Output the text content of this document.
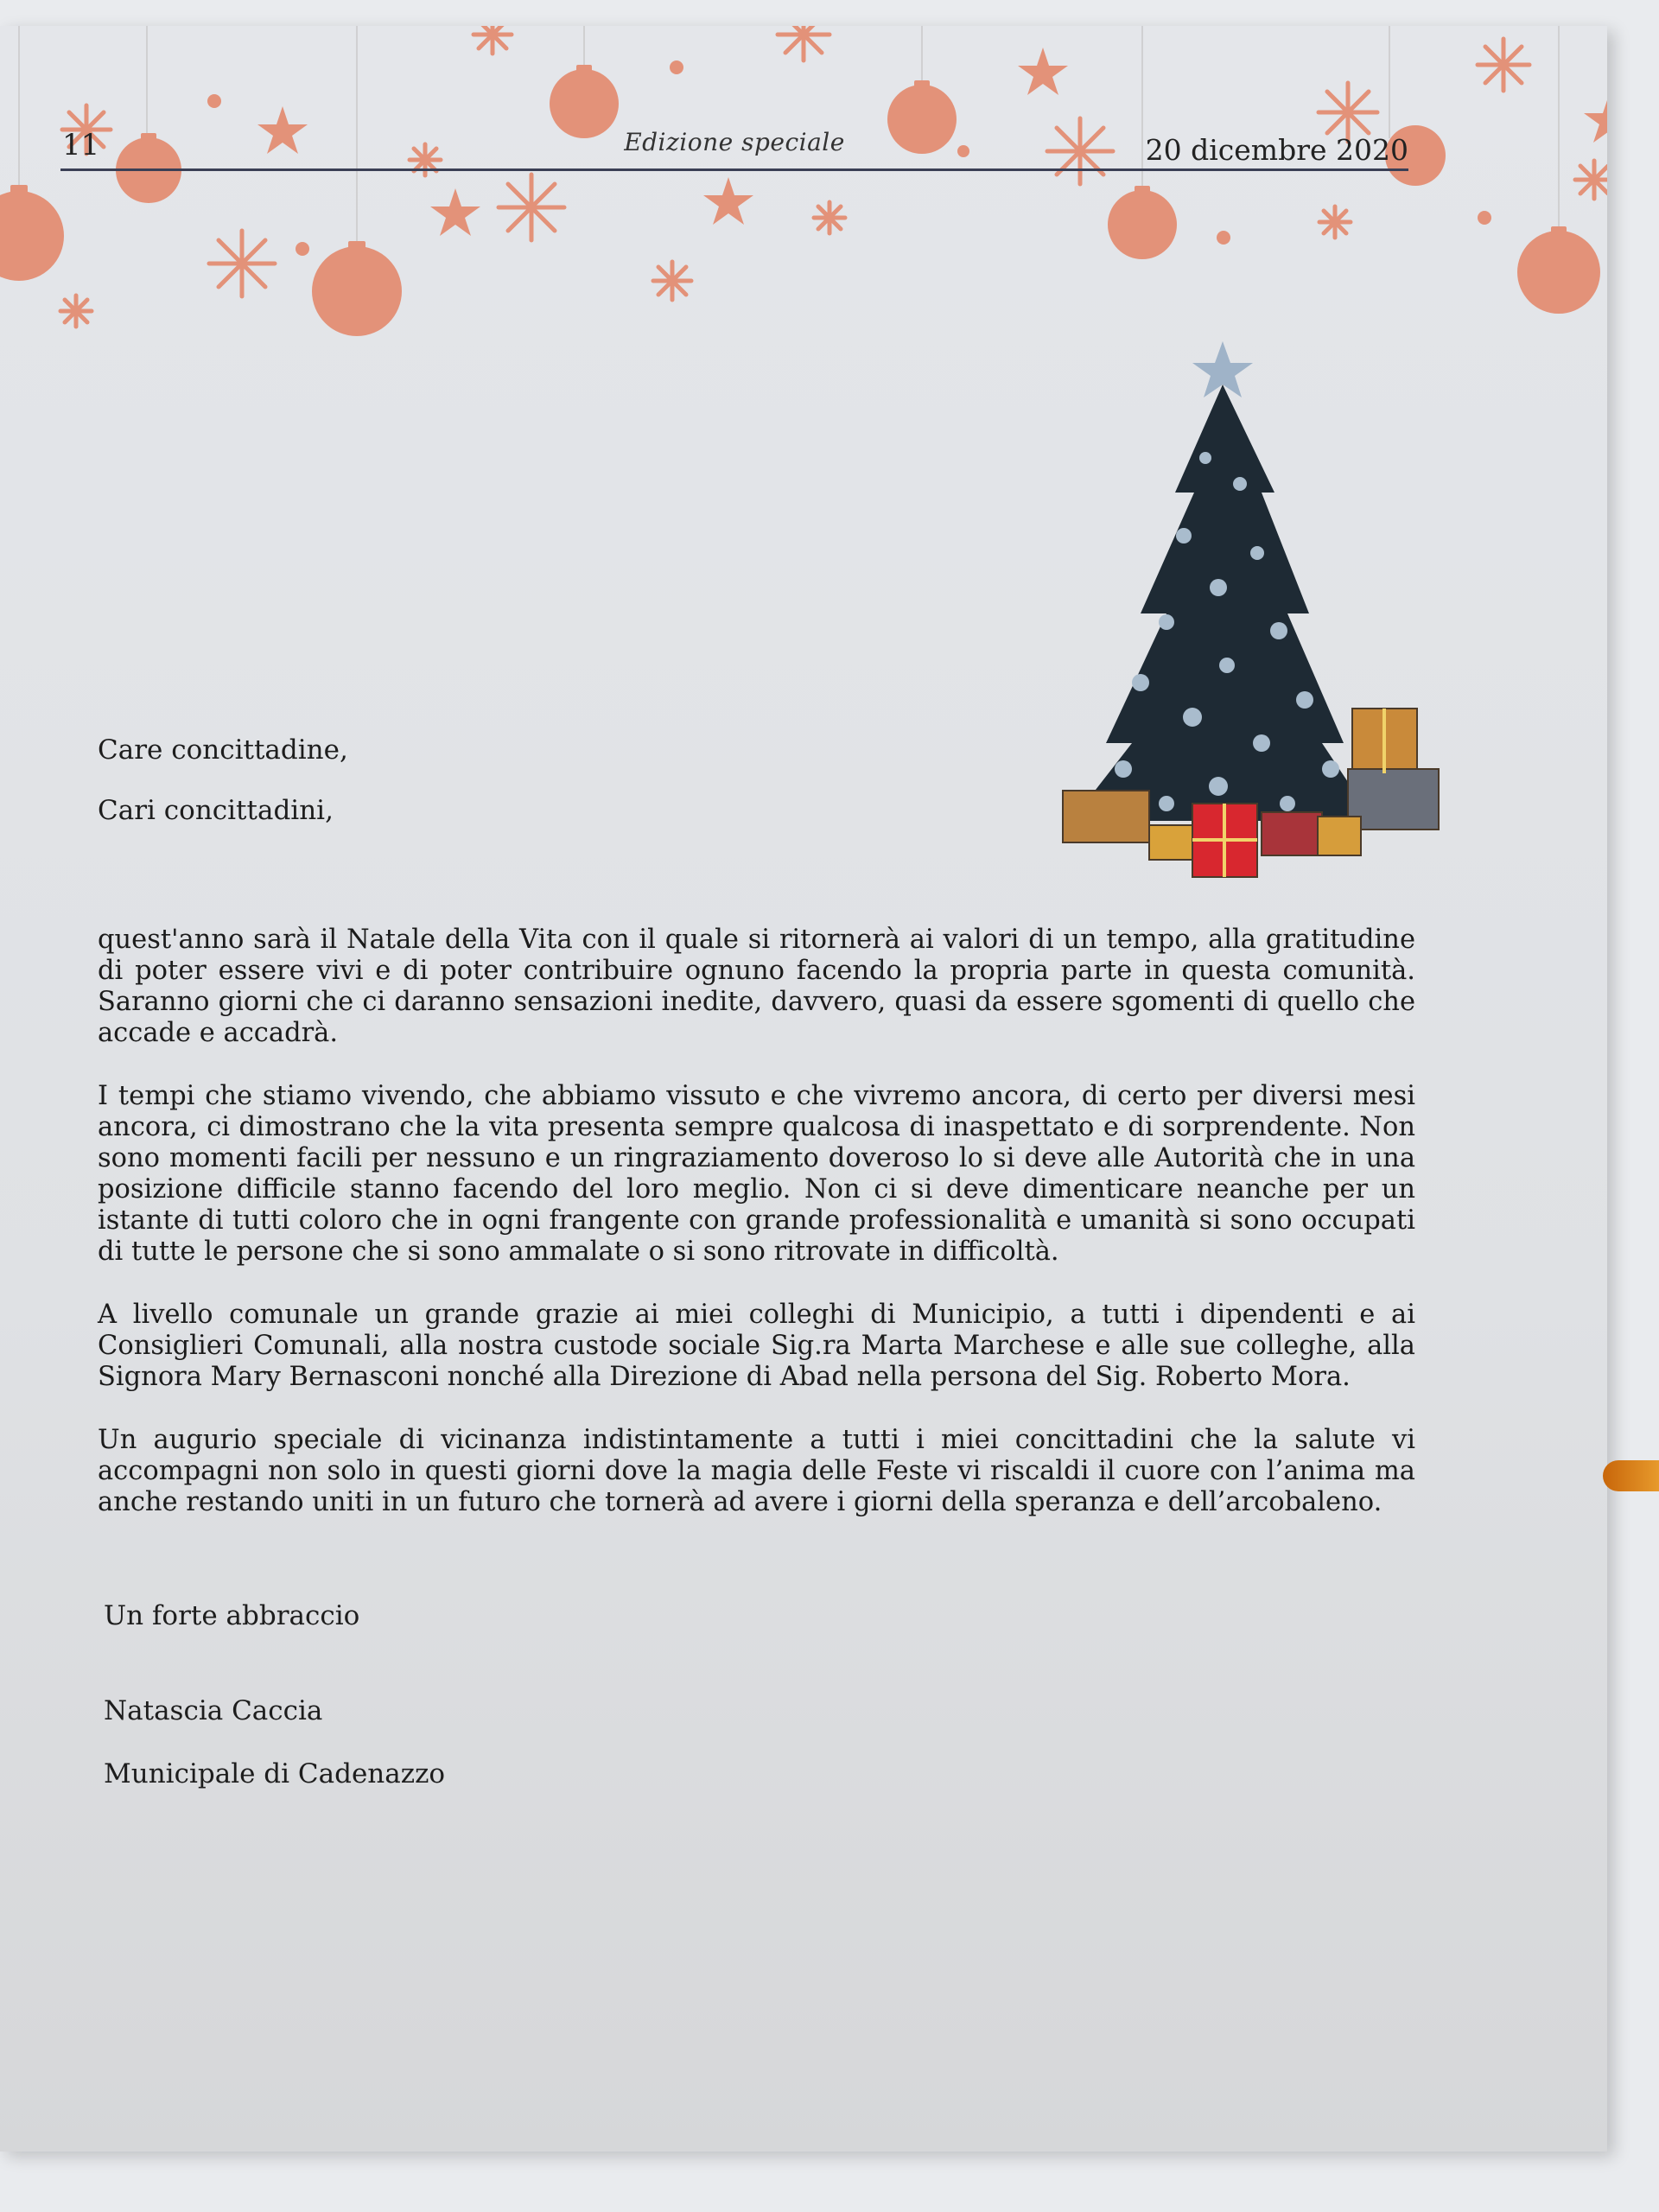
11	Edizione speciale	20 dicembre 2020
Care concittadine,
Cari concittadini,

quest'anno sarà il Natale della Vita con il quale si ritornerà ai valori di un tempo, alla gratitudine di poter essere vivi e di poter contribuire ognuno facendo la propria parte in questa comunità. Saranno giorni che ci daranno sensazioni inedite, davvero, quasi da essere sgomenti di quello che accade e accadrà.

I tempi che stiamo vivendo, che abbiamo vissuto e che vivremo ancora, di certo per diversi mesi ancora, ci dimostrano che la vita presenta sempre qualcosa di inaspettato e di sorprendente. Non sono momenti facili per nessuno e un ringraziamento doveroso lo si deve alle Autorità che in una posizione difficile stanno facendo del loro meglio. Non ci si deve dimenticare neanche per un istante di tutti coloro che in ogni frangente con grande professionalità e umanità si sono occupati di tutte le persone che si sono ammalate o si sono ritrovate in difficoltà.

A livello comunale un grande grazie ai miei colleghi di Municipio, a tutti i dipendenti e ai Consiglieri Comunali, alla nostra custode sociale Sig.ra Marta Marchese e alle sue colleghe, alla Signora Mary Bernasconi nonché alla Direzione di Abad nella persona del Sig. Roberto Mora.

Un augurio speciale di vicinanza indistintamente a tutti i miei concittadini che la salute vi accompagni non solo in questi giorni dove la magia delle Feste vi riscaldi il cuore con l’anima ma anche restando uniti in un futuro che tornerà ad avere i giorni della speranza e dell’arcobaleno.

Un forte abbraccio
Natascia Caccia
Municipale di Cadenazzo
